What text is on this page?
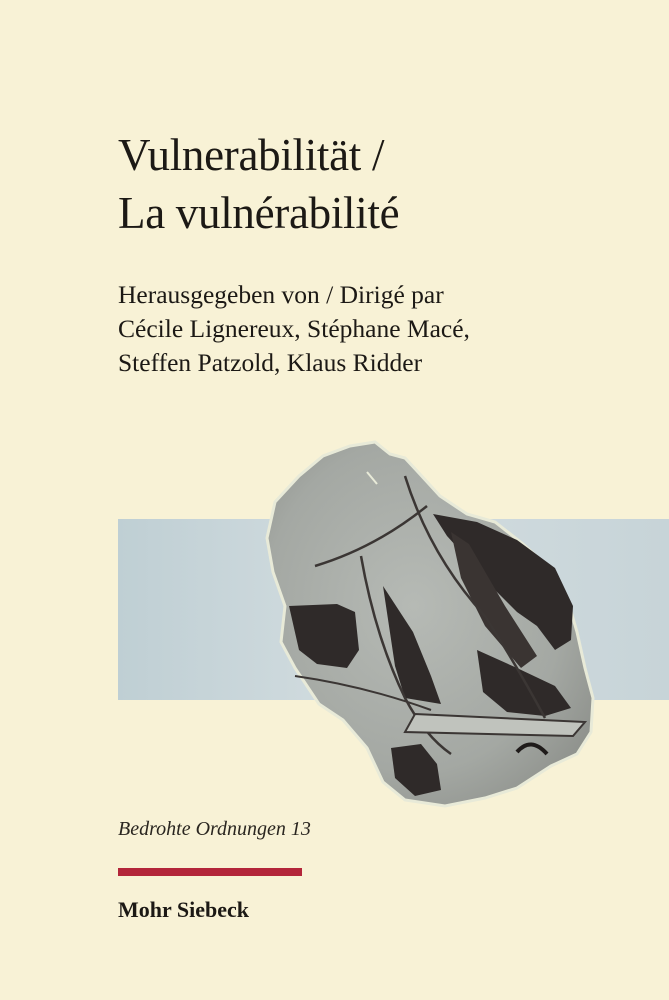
Vulnerabilität /
La vulnérabilité
Herausgegeben von / Dirigé par
Cécile Lignereux, Stéphane Macé,
Steffen Patzold, Klaus Ridder
Bedrohte Ordnungen 13
Mohr Siebeck
